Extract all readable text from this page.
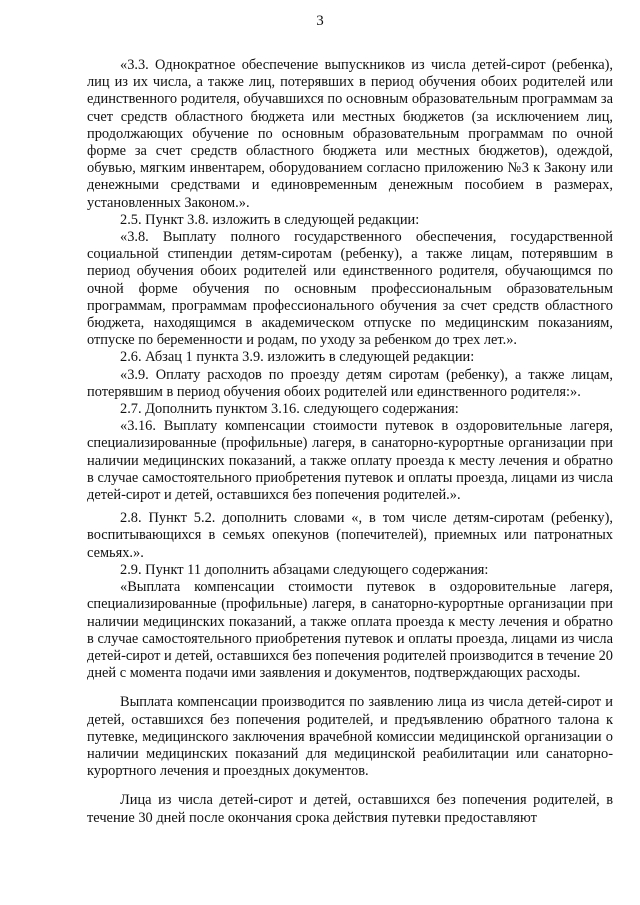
3

«3.3. Однократное обеспечение выпускников из числа детей-сирот (ребенка), лиц из их числа, а также лиц, потерявших в период обучения обоих родителей или единственного родителя, обучавшихся по основным образовательным программам за счет средств областного бюджета или местных бюджетов (за исключением лиц, продолжающих обучение по основным образовательным программам по очной форме за счет средств областного бюджета или местных бюджетов), одеждой, обувью, мягким инвентарем, оборудованием согласно приложению №3 к Закону или денежными средствами и единовременным денежным пособием в размерах, установленных Законом.».

2.5. Пункт 3.8. изложить в следующей редакции:

«3.8. Выплату полного государственного обеспечения, государственной социальной стипендии детям-сиротам (ребенку), а также лицам, потерявшим в период обучения обоих родителей или единственного родителя, обучающимся по очной форме обучения по основным профессиональным образовательным программам, программам профессионального обучения за счет средств областного бюджета, находящимся в академическом отпуске по медицинским показаниям, отпуске по беременности и родам, по уходу за ребенком до трех лет.».

2.6. Абзац 1 пункта 3.9. изложить в следующей редакции:

«3.9. Оплату расходов по проезду детям сиротам (ребенку), а также лицам, потерявшим в период обучения обоих родителей или единственного родителя:».

2.7. Дополнить пунктом 3.16. следующего содержания:

«3.16. Выплату компенсации стоимости путевок в оздоровительные лагеря, специализированные (профильные) лагеря, в санаторно-курортные организации при наличии медицинских показаний, а также оплату проезда к месту лечения и обратно в случае самостоятельного приобретения путевок и оплаты проезда, лицами из числа детей-сирот и детей, оставшихся без попечения родителей.».

2.8. Пункт 5.2. дополнить словами «, в том числе детям-сиротам (ребенку), воспитывающихся в семьях опекунов (попечителей), приемных или патронатных семьях.».

2.9. Пункт 11 дополнить абзацами следующего содержания:

«Выплата компенсации стоимости путевок в оздоровительные лагеря, специализированные (профильные) лагеря, в санаторно-курортные организации при наличии медицинских показаний, а также оплата проезда к месту лечения и обратно в случае самостоятельного приобретения путевок и оплаты проезда, лицами из числа детей-сирот и детей, оставшихся без попечения родителей производится в течение 20 дней с момента подачи ими заявления и документов, подтверждающих расходы.

Выплата компенсации производится по заявлению лица из числа детей-сирот и детей, оставшихся без попечения родителей, и предъявлению обратного талона к путевке, медицинского заключения врачебной комиссии медицинской организации о наличии медицинских показаний для медицинской реабилитации или санаторно-курортного лечения и проездных документов.

Лица из числа детей-сирот и детей, оставшихся без попечения родителей, в течение 30 дней после окончания срока действия путевки предоставляют
